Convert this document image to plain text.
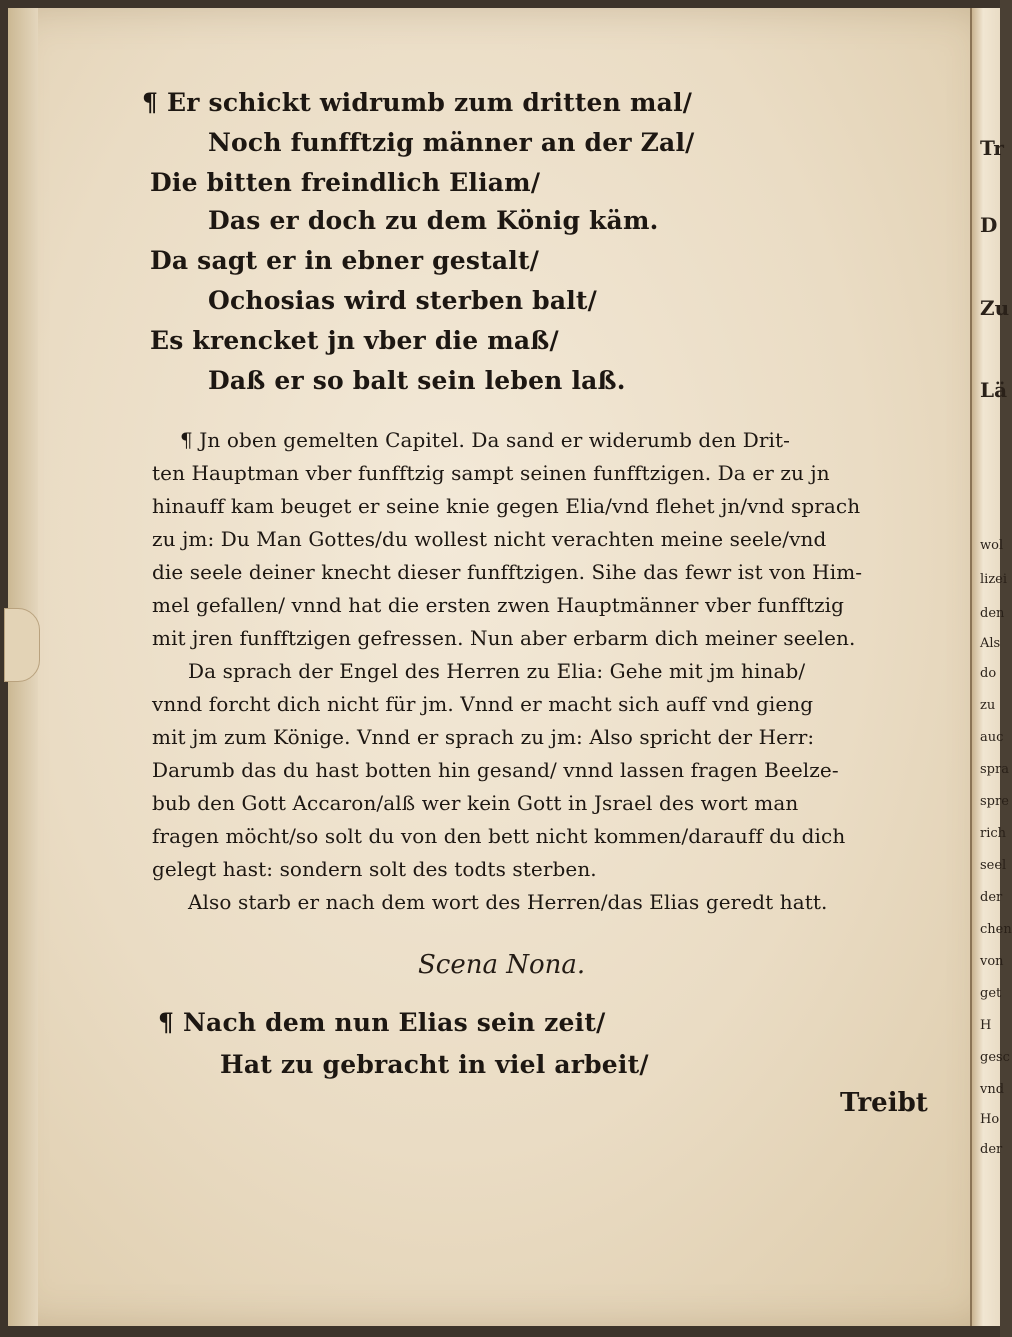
¶ Er schickt widrumb zum dritten mal/
Noch funfftzig männer an der Zal/
Die bitten freindlich Eliam/
Das er doch zu dem König käm.
Da sagt er in ebner gestalt/
Ochosias wird sterben balt/
Es krencket jn vber die maß/
Daß er so balt sein leben laß.
¶ Jn oben gemelten Capitel. Da sand er widerumb den Drit-
ten Hauptman vber funfftzig sampt seinen funfftzigen. Da er zu jn
hinauff kam beuget er seine knie gegen Elia/vnd flehet jn/vnd sprach
zu jm: Du Man Gottes/du wollest nicht verachten meine seele/vnd
die seele deiner knecht dieser funfftzigen. Sihe das fewr ist von Him-
mel gefallen/ vnnd hat die ersten zwen Hauptmänner vber funfftzig
mit jren funfftzigen gefressen. Nun aber erbarm dich meiner seelen.
Da sprach der Engel des Herren zu Elia: Gehe mit jm hinab/
vnnd forcht dich nicht für jm. Vnnd er macht sich auff vnd gieng
mit jm zum Könige. Vnnd er sprach zu jm: Also spricht der Herr:
Darumb das du hast botten hin gesand/ vnnd lassen fragen Beelze-
bub den Gott Accaron/alß wer kein Gott in Jsrael des wort man
fragen möcht/so solt du von den bett nicht kommen/darauff du dich
gelegt hast: sondern solt des todts sterben.
Also starb er nach dem wort des Herren/das Elias geredt hatt.
Scena Nona.
¶ Nach dem nun Elias sein zeit/
Hat zu gebracht in viel arbeit/
Treibt
Tr
D
Zu
Lä
wol
lizei
den
Als
do
zu
auc
spra
spre
rich
seel
der
chen
von
get
H
gesc
vnd
Ho
der
